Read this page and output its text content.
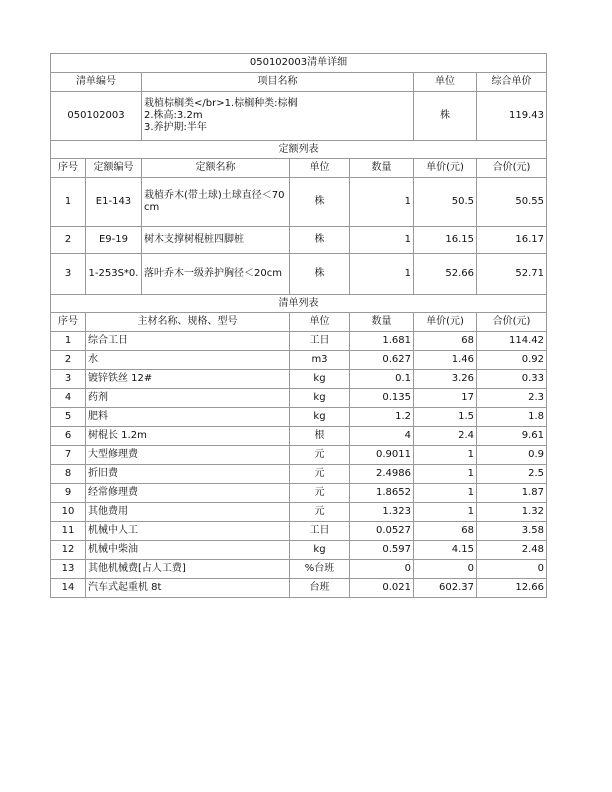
050102003清单详细						
清单编号		项目名称			单位	综合单价
050102003		栽植棕榈类</br>1.棕榈种类:棕榈
2.株高:3.2m
3.养护期:半年			株	119.43
定额列表						
序号	定额编号	定额名称	单位	数量	单价(元)	合价(元)
1	E1-143	栽植乔木(带土球)土球直径＜70cm	株	1	50.5	50.55
2	E9-19	树木支撑树棍桩四脚桩	株	1	16.15	16.17
3	1-253S*0.	落叶乔木一级养护胸径＜20cm	株	1	52.66	52.71
清单列表						
序号	主材名称、规格、型号		单位	数量	单价(元)	合价(元)
1	综合工日		工日	1.681	68	114.42
2	水		m3	0.627	1.46	0.92
3	镀锌铁丝 12#		kg	0.1	3.26	0.33
4	药剂		kg	0.135	17	2.3
5	肥料		kg	1.2	1.5	1.8
6	树棍长 1.2m		根	4	2.4	9.61
7	大型修理费		元	0.9011	1	0.9
8	折旧费		元	2.4986	1	2.5
9	经常修理费		元	1.8652	1	1.87
10	其他费用		元	1.323	1	1.32
11	机械中人工		工日	0.0527	68	3.58
12	机械中柴油		kg	0.597	4.15	2.48
13	其他机械费[占人工费]		%台班	0	0	0
14	汽车式起重机 8t		台班	0.021	602.37	12.66
